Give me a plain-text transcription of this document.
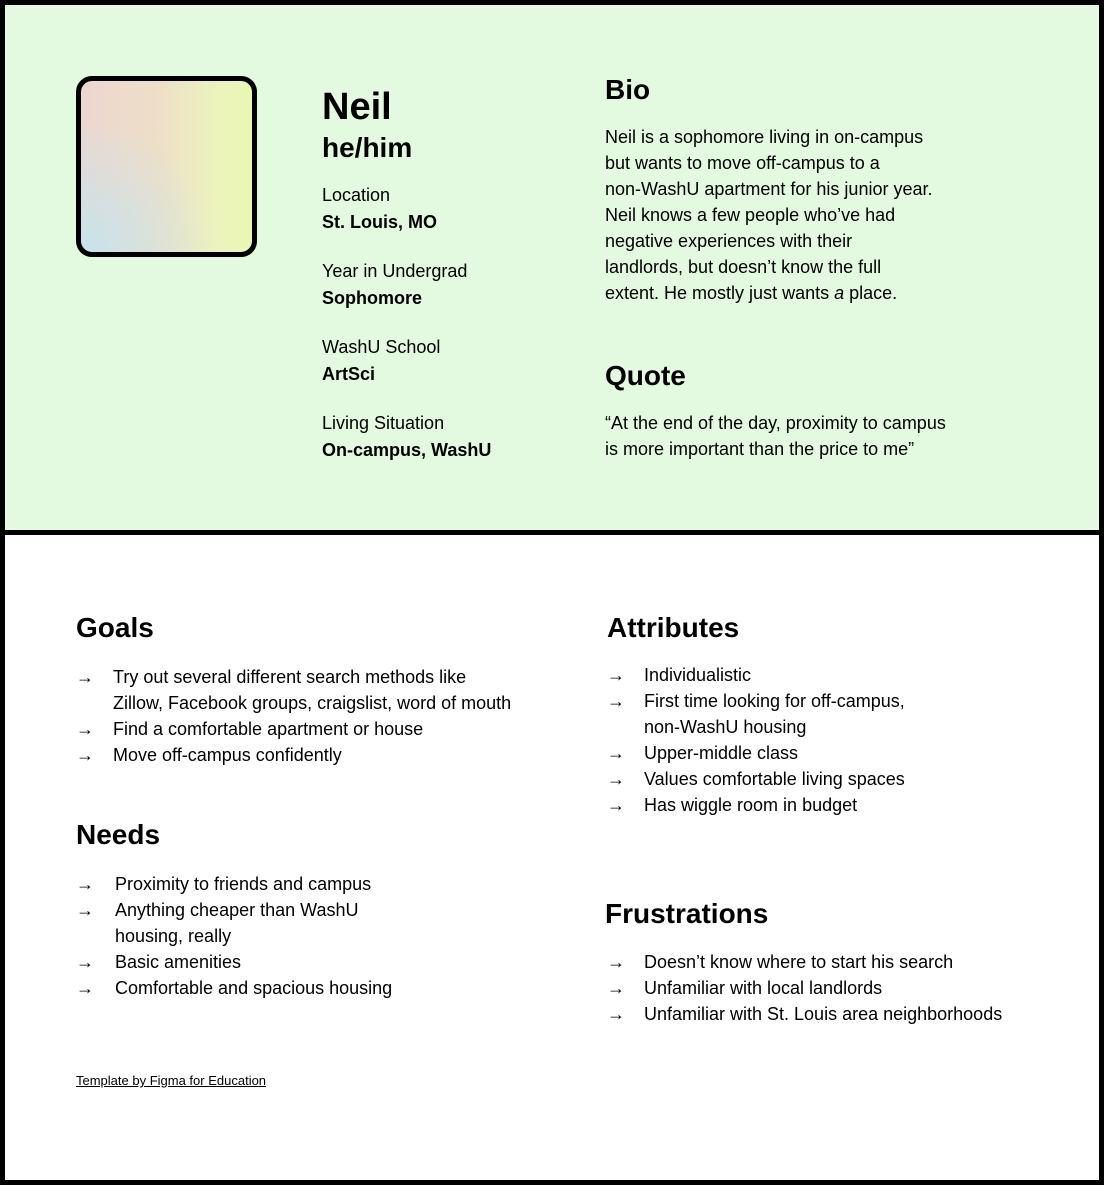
Neil
he/him
Location
St. Louis, MO
Year in Undergrad
Sophomore
WashU School
ArtSci
Living Situation
On-campus, WashU
Bio
Neil is a sophomore living in on-campus
but wants to move off-campus to a
non-WashU apartment for his junior year.
Neil knows a few people who’ve had
negative experiences with their
landlords, but doesn’t know the full
extent. He mostly just wants a place.
Quote
“At the end of the day, proximity to campus
is more important than the price to me”
Goals
→	Try out several different search methods like
Zillow, Facebook groups, craigslist, word of mouth
→	Find a comfortable apartment or house
→	Move off-campus confidently
Needs
→	Proximity to friends and campus
→	Anything cheaper than WashU
housing, really
→	Basic amenities
→	Comfortable and spacious housing
Attributes
→	Individualistic
→	First time looking for off-campus,
non-WashU housing
→	Upper-middle class
→	Values comfortable living spaces
→	Has wiggle room in budget
Frustrations
→	Doesn’t know where to start his search
→	Unfamiliar with local landlords
→	Unfamiliar with St. Louis area neighborhoods
Template by Figma for Education
